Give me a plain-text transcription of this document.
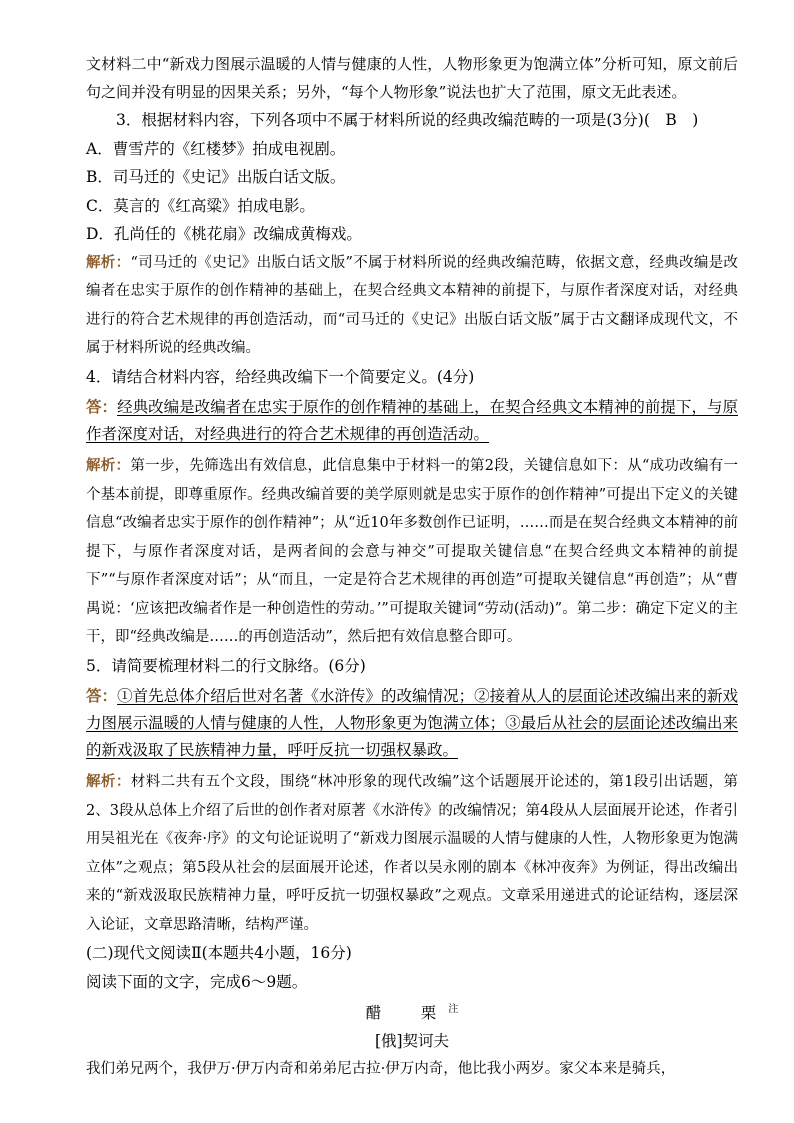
文材料二中“新戏力图展示温暖的人情与健康的人性，人物形象更为饱满立体”分析可知，原文前后句之间并没有明显的因果关系；另外，“每个人物形象”说法也扩大了范围，原文无此表述。

3．根据材料内容，下列各项中不属于材料所说的经典改编范畴的一项是(3分)(　B　)

A．曹雪芹的《红楼梦》拍成电视剧。

B．司马迁的《史记》出版白话文版。

C．莫言的《红高粱》拍成电影。

D．孔尚任的《桃花扇》改编成黄梅戏。

解析：“司马迁的《史记》出版白话文版”不属于材料所说的经典改编范畴，依据文意，经典改编是改编者在忠实于原作的创作精神的基础上，在契合经典文本精神的前提下，与原作者深度对话，对经典进行的符合艺术规律的再创造活动，而“司马迁的《史记》出版白话文版”属于古文翻译成现代文，不属于材料所说的经典改编。

4．请结合材料内容，给经典改编下一个简要定义。(4分)

答：经典改编是改编者在忠实于原作的创作精神的基础上，在契合经典文本精神的前提下，与原作者深度对话，对经典进行的符合艺术规律的再创造活动。

解析：第一步，先筛选出有效信息，此信息集中于材料一的第2段，关键信息如下：从“成功改编有一个基本前提，即尊重原作。经典改编首要的美学原则就是忠实于原作的创作精神”可提出下定义的关键信息“改编者忠实于原作的创作精神”；从“近10年多数创作已证明，……而是在契合经典文本精神的前提下，与原作者深度对话，是两者间的会意与神交”可提取关键信息“在契合经典文本精神的前提下”“与原作者深度对话”；从“而且，一定是符合艺术规律的再创造”可提取关键信息“再创造”；从“曹禺说：‘应该把改编者作是一种创造性的劳动。’”可提取关键词“劳动(活动)”。第二步：确定下定义的主干，即“经典改编是……的再创造活动”，然后把有效信息整合即可。

5．请简要梳理材料二的行文脉络。(6分)

答：①首先总体介绍后世对名著《水浒传》的改编情况；②接着从人的层面论述改编出来的新戏力图展示温暖的人情与健康的人性，人物形象更为饱满立体；③最后从社会的层面论述改编出来的新戏汲取了民族精神力量，呼吁反抗一切强权暴政。

解析：材料二共有五个文段，围绕“林冲形象的现代改编”这个话题展开论述的，第1段引出话题，第2、3段从总体上介绍了后世的创作者对原著《水浒传》的改编情况；第4段从人层面展开论述，作者引用吴祖光在《夜奔·序》的文句论证说明了“新戏力图展示温暖的人情与健康的人性，人物形象更为饱满立体”之观点；第5段从社会的层面展开论述，作者以吴永刚的剧本《林冲夜奔》为例证，得出改编出来的“新戏汲取民族精神力量，呼吁反抗一切强权暴政”之观点。文章采用递进式的论证结构，逐层深入论证，文章思路清晰，结构严谨。

(二)现代文阅读Ⅱ(本题共4小题，16分)

阅读下面的文字，完成6～9题。

醋　栗$^注$

[俄]契诃夫

我们弟兄两个，我伊万·伊万内奇和弟弟尼古拉·伊万内奇，他比我小两岁。家父本来是骑兵，
